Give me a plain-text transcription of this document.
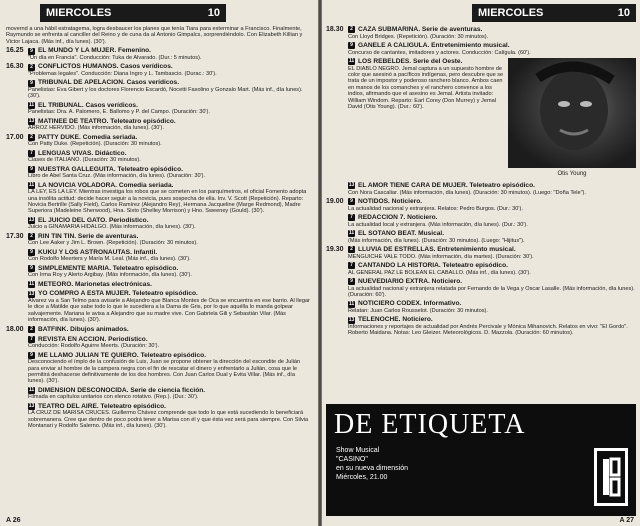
MIERCOLES	10

movernd a una hábil estratagema, logra desbaucer los planes que tenía Tiara para exterminar a Francisco. Finalmente, Raymundo se enfrenta al canciller del Reino y de cuna da al Antonio Gimpalcs, sorprendiéndolo. Con Elizabeth Killian y Victor Lajaca. (Más inf., día lunes). (30').

16.25	9 EL MUNDO Y LA MUJER. Femenino.

"Un día en Francia". Conducción: Tuka de Alvarado. (Dur.: 5 minutos).

16.30	2 CONFLICTOS HUMANOS. Casos verídicos.

"Problemas legales". Conducción: Diana Ingro y L. Tambascio. (Durac.: 30').

9 TRIBUNAL DE APELACION. Casos verídicos.

Panelistas: Eva Gibert y los doctores Florencio Escardó, Nocetti Fasolino y Gonzalo Mart. (Más inf., día lunes). (30').

11 EL TRIBUNAL. Casos verídicos.

Panelistas: Dra. A. Palomero, E. Ballomo y P. del Campo. (Duración: 30').

13 MATINEE DE TEATRO. Teleteatro episódico.

ARROZ HERVIDO. (Más información, día lunes). (30').

17.00	2 PATTY DUKE. Comedia seriada.

Con Patty Duke. (Repetición). (Duración: 30 minutos).

7 LENGUAS VIVAS. Didáctico.

Clases de ITALIANO. (Duración: 30 minutos).

9 NUESTRA GALLEGUITA. Teleteatro episódico.

Libro de Abel Santa Cruz. (Más información, día lunes). (Duración: 30').

11 LA NOVICIA VOLADORA. Comedia seriada.

LA LEY, ES LA LEY. Mientras investiga los robos que se cometen en los parquímetros, el oficial Fomento adopta una insólita actitud: decide hacer seguir a la novicia, pues sospecha de ella. Inv. V. Scott (Repetición). Reparto: Novicia Bertrille (Sally Field), Carlos Ramírez (Alejandro Rey), Hermana Jacqueline (Marge Redmond), Madre Superiora (Madeleine Sherwood), Hna. Sixto (Shelley Morrison) y Hno. Sweeney (Gould). (30').

13 EL JUICIO DEL GATO. Periodístico.

Juicio a GINAMARIA HIDALGO. (Más información, día lunes). (30').

17.30	2 RIN TIN TIN. Serie de aventuras.

Con Lee Aaker y Jim L. Brown. (Repetición). (Duración: 30 minutos).

9 KUKU Y LOS ASTRONAUTAS. Infantil.

Con Rodolfo Meerters y María M. Leal. (Más inf., día lunes). (30').

9 SIMPLEMENTE MARIA. Teleteatro episódico.

Con Irma Roy y Alerto Argibay. (Más información, día lunes). (30').

11 METEORO. Marionetas electrónicas.

13 YO COMPRO A ESTA MUJER. Teleteatro episódico.

Alvarez va a San Telmo para avisarle a Alejandro que Blanca Montes de Oca se encuentra en ese barrio. Al llegar le dice a Matilde que sabe todo lo que le sucediera a la Dama de Gris, por lo que aquélla lo manda golpear salvajemente. Mariana le avisa a Alejandro que su madre vive. Con Gabriela Gili y Sebastián Vilar. (Más información, día lunes). (30').

18.00	2 BATFINK. Dibujos animados.

7 REVISTA EN ACCION. Periodístico.

Conducción: Rodolfo Aguirre Meerts. (Duración: 30').

9 ME LLAMO JULIAN TE QUIERO. Teleteatro episódico.

Desconociendo el ímplo de la confusión de Luis, Juan se propone obtener la dirección del escondite de Julián para enviar al hombre de la campera negra con el fin de rescatar el dinero y enfrentarlo a Julián, cosa que le permitirá deshacerse definitivamente de los dos hombres. Con Juan Carlos Dual y Evita Villar. (Más inf., día lunes). (30').

11 DIMENSION DESCONOCIDA. Serie de ciencia ficción.

Filmada en capítulos unitarios con elenco rotativo. (Rep.). (Dur.: 30').

13 TEATRO DEL AIRE. Teleteatro episódico.

LA CRUZ DE MARISA CRUCES. Guillermo Chávez comprende que todo lo que está sucediendo lo beneficiará sobremanera. Cree que dentro de poco podrá tener a Marisa con él y que ésta vez será para siempre. Con Silvia Montanari y Rodolfo Salerno. (Más inf., día lunes). (30').

A 26
MIERCOLES	10
18.30	2 CAZA SUBMARINA. Serie de aventuras.

Con Lloyd Bridges. (Repetición). (Duración: 30 minutos).

9 GANELE A CALIGULA. Entretenimiento musical.

Concurso de cantantes, imitadores y actores. Conducción: Calígula. (60').

Otis Young
11 LOS REBELDES. Serie del Oeste.

EL DIABLO NEGRO. Jemal captura a un supuesto hombre de color que asesinó a pacíficos indígenas, pero descubre que se trata de un impostor y poderoso ranchero blanco. Ambos caen en manos de los comanches y el ranchero convence a los indios, afirmando que el asesino es Jemal. Artista invitado: William Windom. Reparto: Earl Corey (Don Murrey) y Jemal David (Otis Young). (Dur.: 60').

13 EL AMOR TIENE CARA DE MUJER. Teleteatro episódico.

Con Nora Cascaliar. (Más información, día lunes). (Duración: 30 minutos). (Luego: "Doña Tele").

19.00	9 NOTIDOS. Noticiero.

La actualidad nacional y extranjera. Relatos: Pedro Burgos. (Dur.: 30').

7 REDACCION 7. Noticiero.

La actualidad local y extranjera. (Más información, día lunes). (Dur.: 30').

11 EL SOTANO BEAT. Musical.

(Más información, día lunes). (Duración: 30 minutos). (Luego: "Hijitus").

19.30	2 LLUVIA DE ESTRELLAS. Entretenimiento musical.

MENGUICHE VALE TODO. (Más información, día martes). (Duración: 30').

7 CANTANDO LA HISTORIA. Teleteatro episódico.

AL GENERAL PAZ LE BOLEAN EL CABALLO. (Más inf., día lunes). (30').

9 NUEVEDIARIO EXTRA. Noticiero.

La actualidad nacional y extranjera relatada por Fernando de la Vega y Oscar Lasalle. (Más información, día lunes). (Duración: 60').

11 NOTICIERO CODEX. Informativo.

Relatan: Juan Carlos Rousselot. (Duración: 30 minutos).

13 TELENOCHE. Noticiero.

Informaciones y reportajes de actualidad por Andrés Percivale y Mónica Mihanovich. Relatos en vivo: "El Gordo". Roberto Maidana. Notas: Leo Gleizer. Meteorológicos. D. Mazzola. (Duración: 60 minutos).

DE ETIQUETA
Show Musical
"CASINO"
en su nueva dimensión
Miércoles, 21.00
A 27
